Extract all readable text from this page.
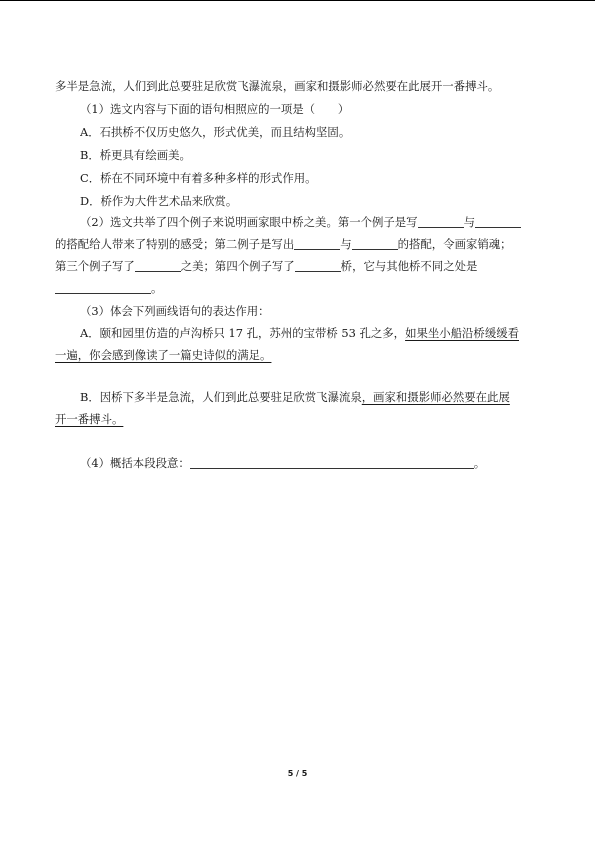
多半是急流，人们到此总要驻足欣赏飞瀑流泉，画家和摄影师必然要在此展开一番搏斗。
（1）选文内容与下面的语句相照应的一项是（　　）
A．石拱桥不仅历史悠久，形式优美，而且结构坚固。
B．桥更具有绘画美。
C．桥在不同环境中有着多种多样的形式作用。
D．桥作为大件艺术品来欣赏。
（2）选文共举了四个例子来说明画家眼中桥之美。第一个例子是写	与
的搭配给人带来了特别的感受；第二例子是写出	与	的搭配，令画家销魂；
第三个例子写了	之美；第四个例子写了	桥，它与其他桥不同之处是
。
（3）体会下列画线语句的表达作用：
A．颐和园里仿造的卢沟桥只 17 孔，苏州的宝带桥 53 孔之多，如果坐小船沿桥缓缓看
一遍，你会感到像读了一篇史诗似的满足。
B．因桥下多半是急流，人们到此总要驻足欣赏飞瀑流泉，画家和摄影师必然要在此展
开一番搏斗。
（4）概括本段段意：	。
5 / 5
